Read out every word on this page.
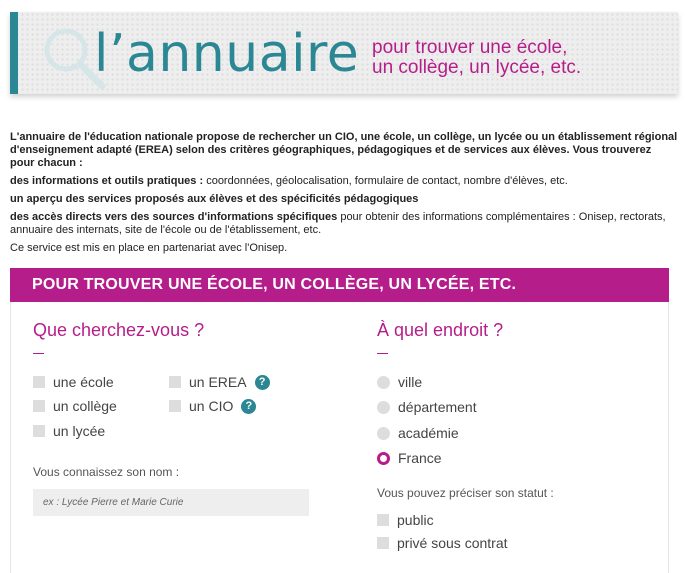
l’annuaire pour trouver une école,
un collège, un lycée, etc.

L'annuaire de l'éducation nationale propose de rechercher un CIO, une école, un collège, un lycée ou un établissement régional d'enseignement adapté (EREA) selon des critères géographiques, pédagogiques et de services aux élèves. Vous trouverez pour chacun :

des informations et outils pratiques : coordonnées, géolocalisation, formulaire de contact, nombre d'élèves, etc.

un aperçu des services proposés aux élèves et des spécificités pédagogiques

des accès directs vers des sources d'informations spécifiques pour obtenir des informations complémentaires : Onisep, rectorats, annuaire des internats, site de l'école ou de l'établissement, etc.

Ce service est mis en place en partenariat avec l'Onisep.

POUR TROUVER UNE ÉCOLE, UN COLLÈGE, UN LYCÉE, ETC.
Que cherchez-vous ?
une école
un collège
un lycée
un EREA	?
un CIO	?
Vous connaissez son nom :
ex : Lycée Pierre et Marie Curie
À quel endroit ?
ville
département
académie
France
Vous pouvez préciser son statut :
public
privé sous contrat
